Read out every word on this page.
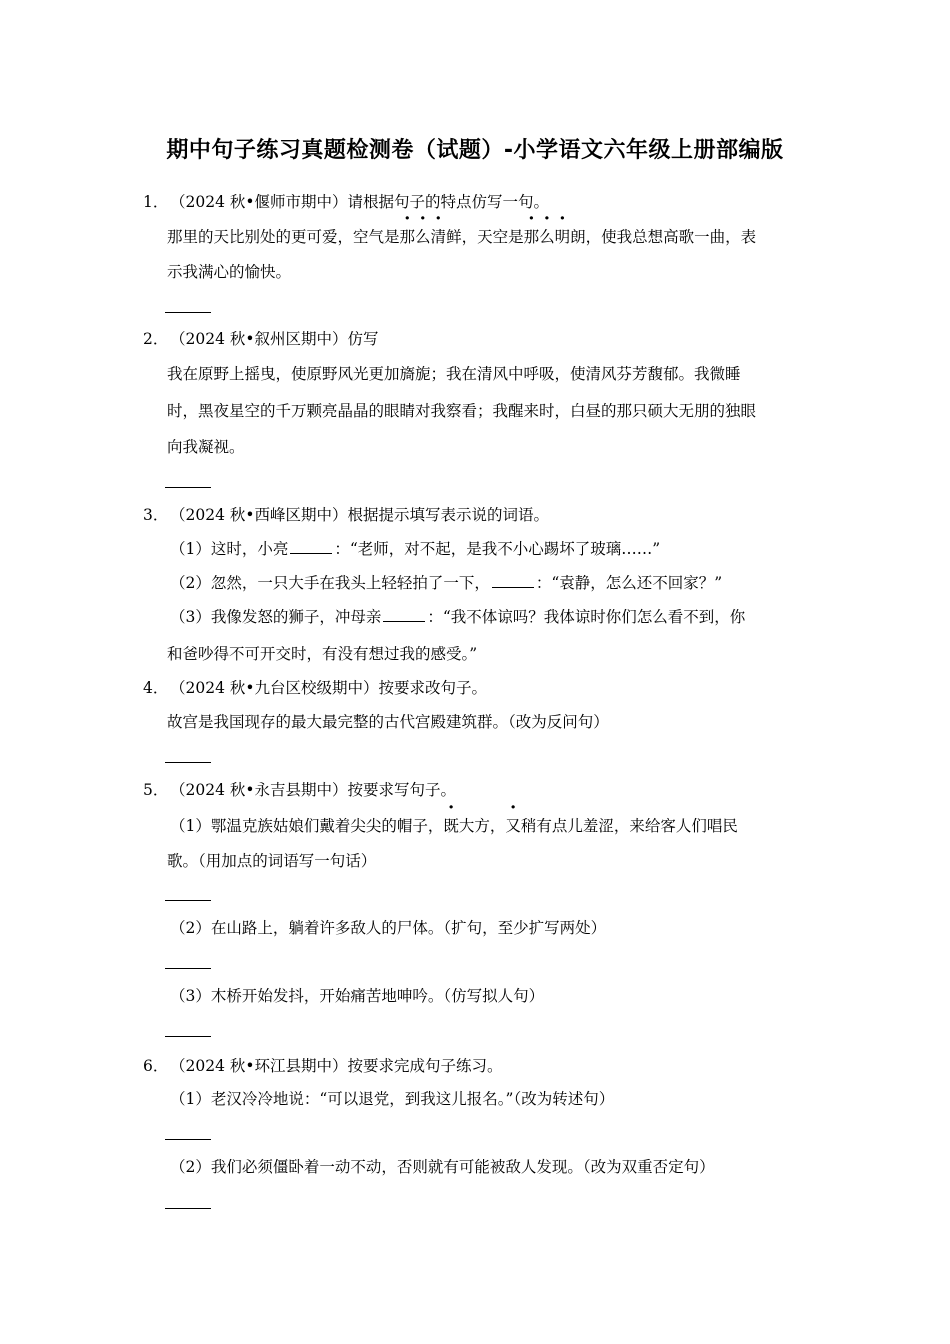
期中句子练习真题检测卷（试题）-小学语文六年级上册部编版
1． （2024 秋•偃师市期中）请根据句子的特点仿写一句。
那里的天比别处的更可爱，空气是那么清鲜，天空是那么明朗，使我总想高歌一曲，表
示我满心的愉快。
2． （2024 秋•叙州区期中）仿写
我在原野上摇曳，使原野风光更加旖旎；我在清风中呼吸，使清风芬芳馥郁。我微睡
时，黑夜星空的千万颗亮晶晶的眼睛对我察看；我醒来时，白昼的那只硕大无朋的独眼
向我凝视。
3． （2024 秋•西峰区期中）根据提示填写表示说的词语。
（1）这时，小亮	：“老师，对不起，是我不小心踢坏了玻璃……”
（2）忽然，一只大手在我头上轻轻拍了一下，	：“袁静，怎么还不回家？”
（3）我像发怒的狮子，冲母亲	：“我不体谅吗？我体谅时你们怎么看不到，你
和爸吵得不可开交时，有没有想过我的感受。”
4． （2024 秋•九台区校级期中）按要求改句子。
故宫是我国现存的最大最完整的古代宫殿建筑群。（改为反问句）
5． （2024 秋•永吉县期中）按要求写句子。
（1）鄂温克族姑娘们戴着尖尖的帽子，既大方，又稍有点儿羞涩，来给客人们唱民
歌。（用加点的词语写一句话）
（2）在山路上，躺着许多敌人的尸体。（扩句，至少扩写两处）
（3）木桥开始发抖，开始痛苦地呻吟。（仿写拟人句）
6． （2024 秋•环江县期中）按要求完成句子练习。
（1）老汉冷冷地说：“可以退党，到我这儿报名。”（改为转述句）
（2）我们必须僵卧着一动不动，否则就有可能被敌人发现。（改为双重否定句）
